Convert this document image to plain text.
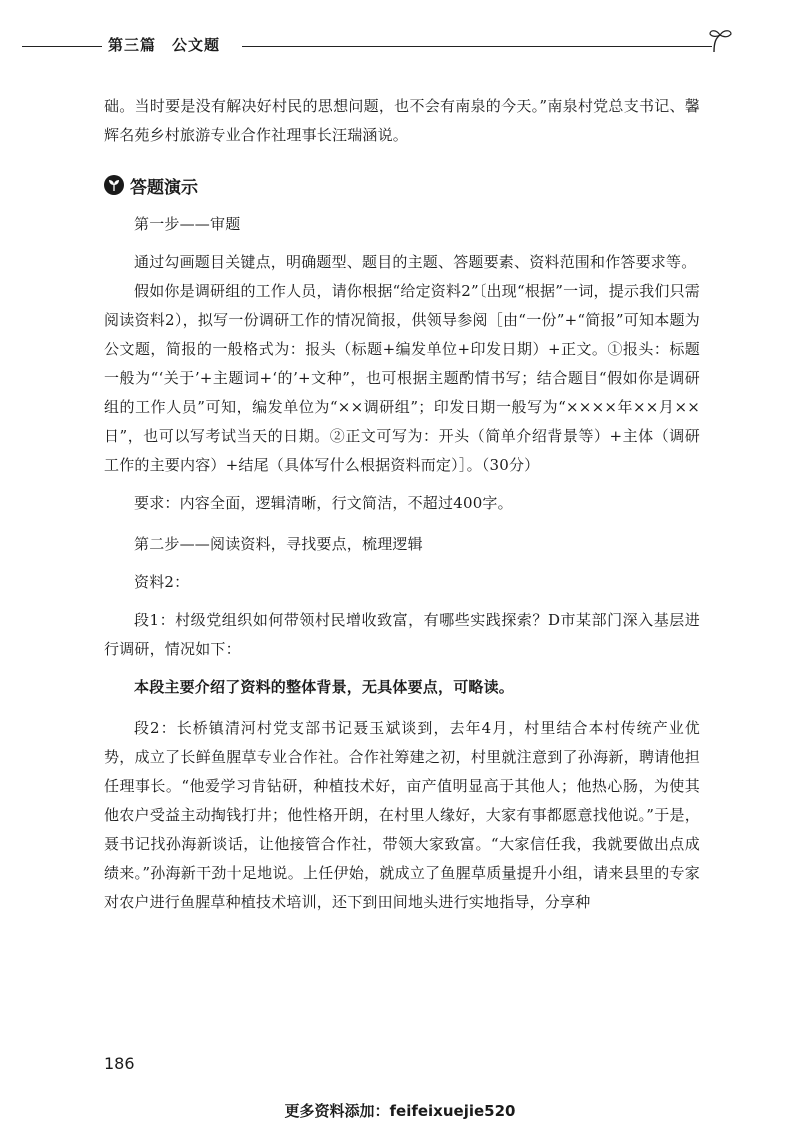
第三篇　公文题

础。当时要是没有解决好村民的思想问题，也不会有南泉的今天。”南泉村党总支书记、馨辉名苑乡村旅游专业合作社理事长汪瑞涵说。

答题演示

第一步——审题

通过勾画题目关键点，明确题型、题目的主题、答题要素、资料范围和作答要求等。

假如你是调研组的工作人员，请你根据“给定资料2”〔出现“根据”一词，提示我们只需阅读资料2），拟写一份调研工作的情况简报，供领导参阅［由“一份”+“简报”可知本题为公文题，简报的一般格式为：报头（标题+编发单位+印发日期）+正文。①报头：标题一般为“‘关于’+主题词+‘的’+文种”，也可根据主题酌情书写；结合题目“假如你是调研组的工作人员”可知，编发单位为“××调研组”；印发日期一般写为“××××年××月××日”，也可以写考试当天的日期。②正文可写为：开头（简单介绍背景等）+主体（调研工作的主要内容）+结尾（具体写什么根据资料而定）］。（30分）

要求：内容全面，逻辑清晰，行文简洁，不超过400字。

第二步——阅读资料，寻找要点，梳理逻辑

资料2：

段1：村级党组织如何带领村民增收致富，有哪些实践探索？D市某部门深入基层进行调研，情况如下：

本段主要介绍了资料的整体背景，无具体要点，可略读。

段2：长桥镇清河村党支部书记聂玉斌谈到，去年4月，村里结合本村传统产业优势，成立了长鲜鱼腥草专业合作社。合作社筹建之初，村里就注意到了孙海新，聘请他担任理事长。“他爱学习肯钻研，种植技术好，亩产值明显高于其他人；他热心肠，为使其他农户受益主动掏钱打井；他性格开朗，在村里人缘好，大家有事都愿意找他说。”于是，聂书记找孙海新谈话，让他接管合作社，带领大家致富。“大家信任我，我就要做出点成绩来。”孙海新干劲十足地说。上任伊始，就成立了鱼腥草质量提升小组，请来县里的专家对农户进行鱼腥草种植技术培训，还下到田间地头进行实地指导，分享种

186
更多资料添加：feifeixuejie520
